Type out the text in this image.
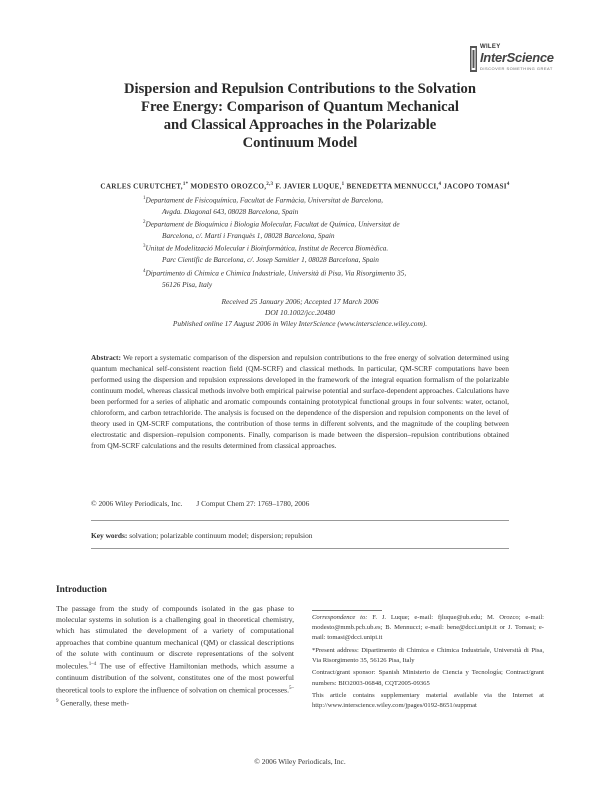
WILEY
InterScience
DISCOVER SOMETHING GREAT
Dispersion and Repulsion Contributions to the Solvation
Free Energy: Comparison of Quantum Mechanical
and Classical Approaches in the Polarizable
Continuum Model
CARLES CURUTCHET,$^{1*}$ MODESTO OROZCO,$^{2,3}$ F. JAVIER LUQUE,$^1$ BENEDETTA MENNUCCI,$^4$ JACOPO TOMASI$^4$

$^1$Departament de Fisicoquímica, Facultat de Farmàcia, Universitat de Barcelona,
Avgda. Diagonal 643, 08028 Barcelona, Spain

$^2$Departament de Bioquímica i Biologia Molecular, Facultat de Química, Universitat de
Barcelona, c/. Martí i Franquès 1, 08028 Barcelona, Spain

$^3$Unitat de Modelització Molecular i Bioinformàtica, Institut de Recerca Biomèdica.
Parc Científic de Barcelona, c/. Josep Samitier 1, 08028 Barcelona, Spain

$^4$Dipartimento di Chimica e Chimica Industriale, Università di Pisa, Via Risorgimento 35,
56126 Pisa, Italy

Received 25 January 2006; Accepted 17 March 2006
DOI 10.1002/jcc.20480
Published online 17 August 2006 in Wiley InterScience (www.interscience.wiley.com).
Abstract: We report a systematic comparison of the dispersion and repulsion contributions to the free energy of solvation determined using quantum mechanical self-consistent reaction field (QM-SCRF) and classical methods. In particular, QM-SCRF computations have been performed using the dispersion and repulsion expressions developed in the framework of the integral equation formalism of the polarizable continuum model, whereas classical methods involve both empirical pairwise potential and surface-dependent approaches. Calculations have been performed for a series of aliphatic and aromatic compounds containing prototypical functional groups in four solvents: water, octanol, chloroform, and carbon tetrachloride. The analysis is focused on the dependence of the dispersion and repulsion components on the level of theory used in QM-SCRF computations, the contribution of those terms in different solvents, and the magnitude of the coupling between electrostatic and dispersion–repulsion components. Finally, comparison is made between the dispersion–repulsion contributions obtained from QM-SCRF calculations and the results determined from classical approaches.
© 2006 Wiley Periodicals, Inc. J Comput Chem 27: 1769–1780, 2006
Key words: solvation; polarizable continuum model; dispersion; repulsion
Introduction
The passage from the study of compounds isolated in the gas phase to molecular systems in solution is a challenging goal in theoretical chemistry, which has stimulated the development of a variety of computational approaches that combine quantum mechanical (QM) or classical descriptions of the solute with continuum or discrete representations of the solvent molecules.$^{1-4}$ The use of effective Hamiltonian methods, which assume a continuum distribution of the solvent, constitutes one of the most powerful theoretical tools to explore the influence of solvation on chemical processes.$^{5-9}$ Generally, these meth-

Correspondence to: F. J. Luque; e-mail: fjluque@ub.edu; M. Orozco; e-mail: modesto@mmb.pcb.ub.es; B. Mennucci; e-mail: bene@dcci.unipi.it or J. Tomasi; e-mail: tomasi@dcci.unipi.it

*Present address: Dipartimento di Chimica e Chimica Industriale, Università di Pisa, Via Risorgimento 35, 56126 Pisa, Italy

Contract/grant sponsor: Spanish Ministerio de Ciencia y Tecnología; Contract/grant numbers: BIO2003-06848, CQT2005-09365

This article contains supplementary material available via the Internet at http://www.interscience.wiley.com/jpages/0192-8651/suppmat

© 2006 Wiley Periodicals, Inc.
